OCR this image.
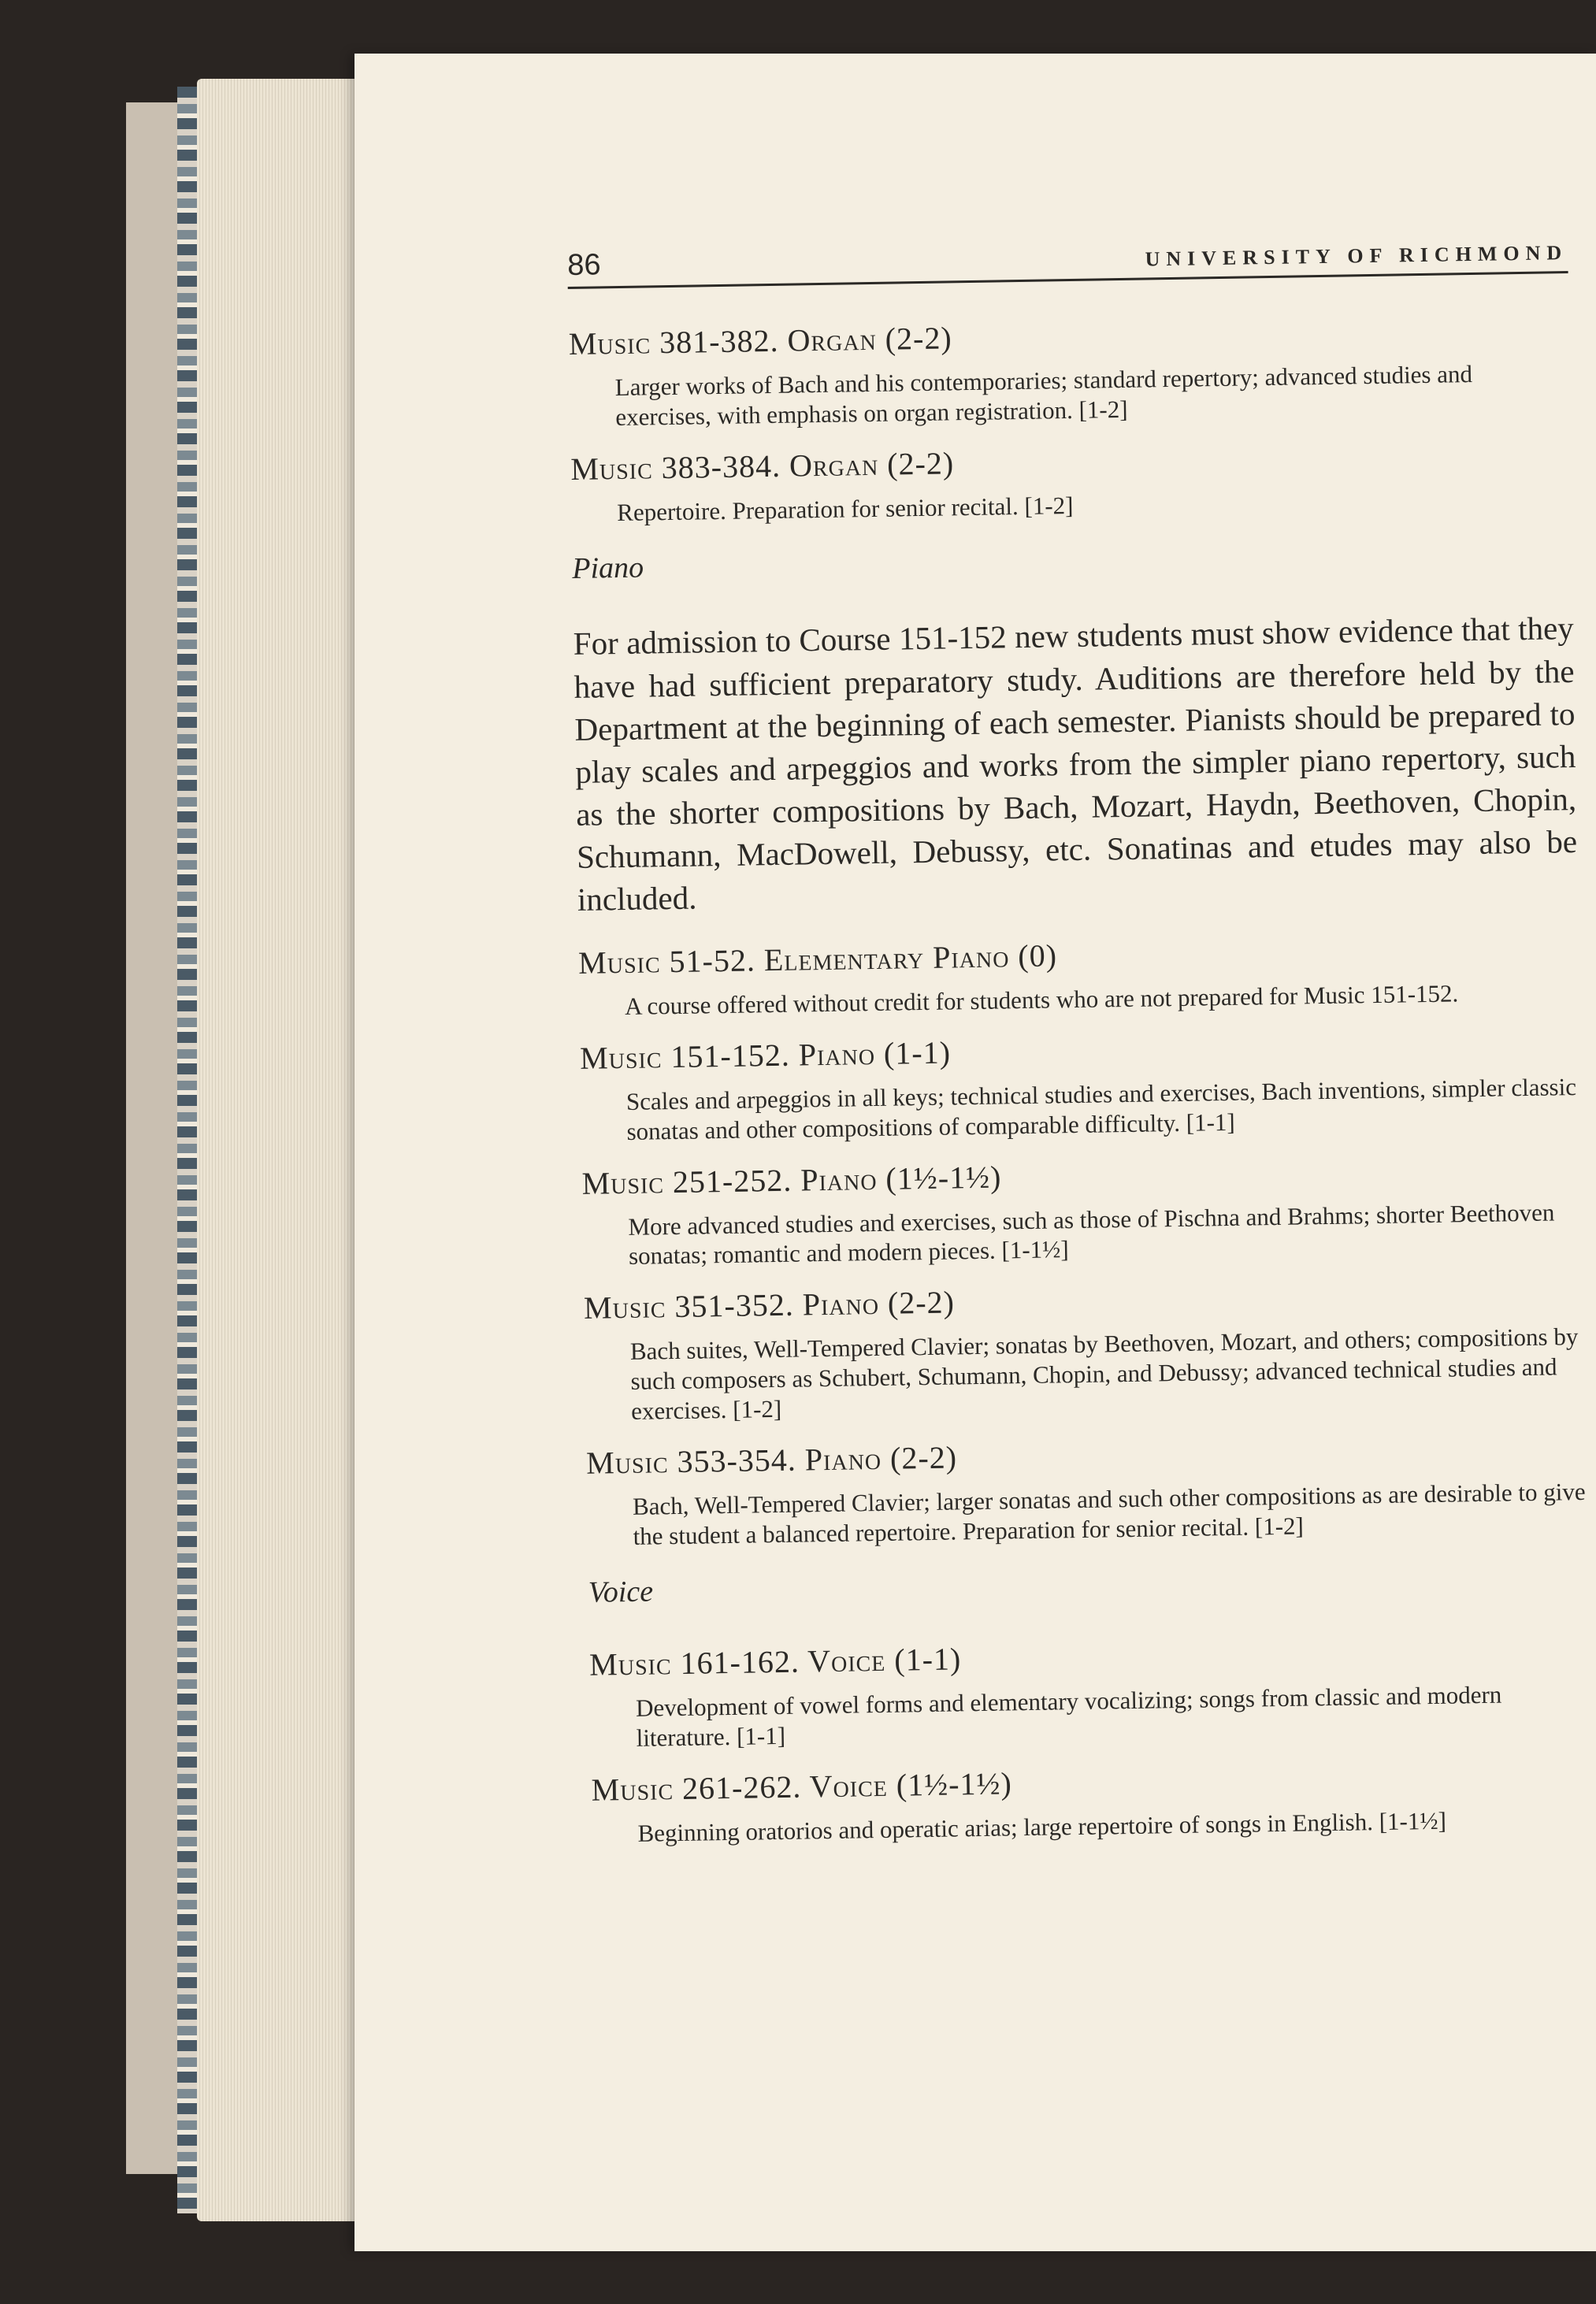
86	UNIVERSITY OF RICHMOND

Music 381-382. Organ (2-2)

Larger works of Bach and his contemporaries; standard repertory; advanced studies and exercises, with emphasis on organ registration. [1-2]

Music 383-384. Organ (2-2)

Repertoire. Preparation for senior recital. [1-2]

Piano

For admission to Course 151-152 new students must show evidence that they have had sufficient preparatory study. Auditions are therefore held by the Department at the beginning of each semester. Pianists should be prepared to play scales and arpeggios and works from the simpler piano repertory, such as the shorter compositions by Bach, Mozart, Haydn, Beethoven, Chopin, Schumann, MacDowell, Debussy, etc. Sonatinas and etudes may also be included.

Music 51-52. Elementary Piano (0)

A course offered without credit for students who are not prepared for Music 151-152.

Music 151-152. Piano (1-1)

Scales and arpeggios in all keys; technical studies and exercises, Bach inventions, simpler classic sonatas and other compositions of comparable difficulty. [1-1]

Music 251-252. Piano (1½-1½)

More advanced studies and exercises, such as those of Pischna and Brahms; shorter Beethoven sonatas; romantic and modern pieces. [1-1½]

Music 351-352. Piano (2-2)

Bach suites, Well-Tempered Clavier; sonatas by Beethoven, Mozart, and others; compositions by such composers as Schubert, Schumann, Chopin, and Debussy; advanced technical studies and exercises. [1-2]

Music 353-354. Piano (2-2)

Bach, Well-Tempered Clavier; larger sonatas and such other compositions as are desirable to give the student a balanced repertoire. Preparation for senior recital. [1-2]

Voice

Music 161-162. Voice (1-1)

Development of vowel forms and elementary vocalizing; songs from classic and modern literature. [1-1]

Music 261-262. Voice (1½-1½)

Beginning oratorios and operatic arias; large repertoire of songs in English. [1-1½]
